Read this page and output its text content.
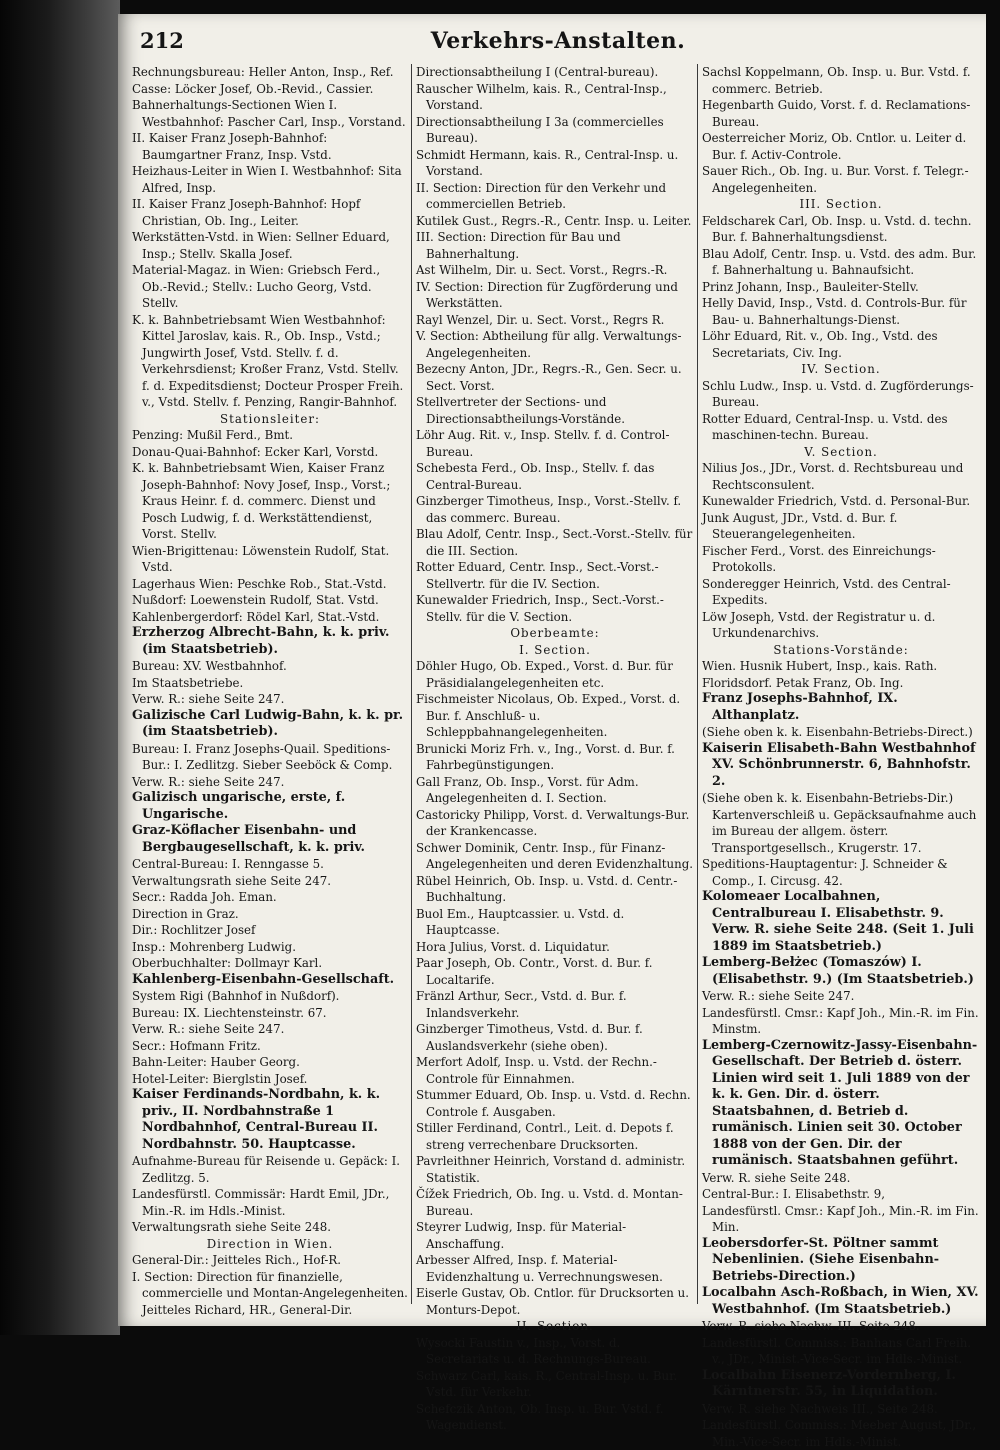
212	Verkehrs-Anstalten.

Rechnungsbureau: Heller Anton, Insp., Ref.

Casse: Löcker Josef, Ob.-Revid., Cassier.

Bahnerhaltungs-Sectionen Wien I. Westbahnhof: Pascher Carl, Insp., Vorstand.

II. Kaiser Franz Joseph-Bahnhof: Baumgartner Franz, Insp. Vstd.

Heizhaus-Leiter in Wien I. Westbahnhof: Sita Alfred, Insp.

II. Kaiser Franz Joseph-Bahnhof: Hopf Christian, Ob. Ing., Leiter.

Werkstätten-Vstd. in Wien: Sellner Eduard, Insp.; Stellv. Skalla Josef.

Material-Magaz. in Wien: Griebsch Ferd., Ob.-Revid.; Stellv.: Lucho Georg, Vstd. Stellv.

K. k. Bahnbetriebsamt Wien Westbahnhof: Kittel Jaroslav, kais. R., Ob. Insp., Vstd.; Jungwirth Josef, Vstd. Stellv. f. d. Verkehrsdienst; Kroßer Franz, Vstd. Stellv. f. d. Expeditsdienst; Docteur Prosper Freih. v., Vstd. Stellv. f. Penzing, Rangir-Bahnhof.

Stationsleiter:

Penzing: Mußil Ferd., Bmt.

Donau-Quai-Bahnhof: Ecker Karl, Vorstd.

K. k. Bahnbetriebsamt Wien, Kaiser Franz Joseph-Bahnhof: Novy Josef, Insp., Vorst.; Kraus Heinr. f. d. commerc. Dienst und Posch Ludwig, f. d. Werkstättendienst, Vorst. Stellv.

Wien-Brigittenau: Löwenstein Rudolf, Stat. Vstd.

Lagerhaus Wien: Peschke Rob., Stat.-Vstd.

Nußdorf: Loewenstein Rudolf, Stat. Vstd.

Kahlenbergerdorf: Rödel Karl, Stat.-Vstd.

Erzherzog Albrecht-Bahn, k. k. priv. (im Staatsbetrieb).

Bureau: XV. Westbahnhof.

Im Staatsbetriebe.

Verw. R.: siehe Seite 247.

Galizische Carl Ludwig-Bahn, k. k. pr. (im Staatsbetrieb).

Bureau: I. Franz Josephs-Quail. Speditions-Bur.: I. Zedlitzg. Sieber Seeböck & Comp.

Verw. R.: siehe Seite 247.

Galizisch ungarische, erste, f. Ungarische.

Graz-Köflacher Eisenbahn- und Bergbaugesellschaft, k. k. priv.

Central-Bureau: I. Renngasse 5.

Verwaltungsrath siehe Seite 247.

Secr.: Radda Joh. Eman.

Direction in Graz.

Dir.: Rochlitzer Josef

Insp.: Mohrenberg Ludwig.

Oberbuchhalter: Dollmayr Karl.

Kahlenberg-Eisenbahn-Gesellschaft.

System Rigi (Bahnhof in Nußdorf).

Bureau: IX. Liechtensteinstr. 67.

Verw. R.: siehe Seite 247.

Secr.: Hofmann Fritz.

Bahn-Leiter: Hauber Georg.

Hotel-Leiter: Bierglstin Josef.

Kaiser Ferdinands-Nordbahn, k. k. priv., II. Nordbahnstraße 1 Nordbahnhof, Central-Bureau II. Nordbahnstr. 50. Hauptcasse.

Aufnahme-Bureau für Reisende u. Gepäck: I. Zedlitzg. 5.

Landesfürstl. Commissär: Hardt Emil, JDr., Min.-R. im Hdls.-Minist.

Verwaltungsrath siehe Seite 248.

Direction in Wien.

General-Dir.: Jeitteles Rich., Hof-R.

I. Section: Direction für finanzielle, commercielle und Montan-Angelegenheiten. Jeitteles Richard, HR., General-Dir.

Directionsabtheilung I (Central-bureau).

Rauscher Wilhelm, kais. R., Central-Insp., Vorstand.

Directionsabtheilung I 3a (commercielles Bureau).

Schmidt Hermann, kais. R., Central-Insp. u. Vorstand.

II. Section: Direction für den Verkehr und commerciellen Betrieb.

Kutilek Gust., Regrs.-R., Centr. Insp. u. Leiter.

III. Section: Direction für Bau und Bahnerhaltung.

Ast Wilhelm, Dir. u. Sect. Vorst., Regrs.-R.

IV. Section: Direction für Zugförderung und Werkstätten.

Rayl Wenzel, Dir. u. Sect. Vorst., Regrs R.

V. Section: Abtheilung für allg. Verwaltungs-Angelegenheiten.

Bezecny Anton, JDr., Regrs.-R., Gen. Secr. u. Sect. Vorst.

Stellvertreter der Sections- und Directionsabtheilungs-Vorstände.

Löhr Aug. Rit. v., Insp. Stellv. f. d. Control-Bureau.

Schebesta Ferd., Ob. Insp., Stellv. f. das Central-Bureau.

Ginzberger Timotheus, Insp., Vorst.-Stellv. f. das commerc. Bureau.

Blau Adolf, Centr. Insp., Sect.-Vorst.-Stellv. für die III. Section.

Rotter Eduard, Centr. Insp., Sect.-Vorst.-Stellvertr. für die IV. Section.

Kunewalder Friedrich, Insp., Sect.-Vorst.-Stellv. für die V. Section.

Oberbeamte:

I. Section.

Döhler Hugo, Ob. Exped., Vorst. d. Bur. für Präsidialangelegenheiten etc.

Fischmeister Nicolaus, Ob. Exped., Vorst. d. Bur. f. Anschluß- u. Schleppbahnangelegenheiten.

Brunicki Moriz Frh. v., Ing., Vorst. d. Bur. f. Fahrbegünstigungen.

Gall Franz, Ob. Insp., Vorst. für Adm. Angelegenheiten d. I. Section.

Castoricky Philipp, Vorst. d. Verwaltungs-Bur. der Krankencasse.

Schwer Dominik, Centr. Insp., für Finanz-Angelegenheiten und deren Evidenzhaltung.

Rübel Heinrich, Ob. Insp. u. Vstd. d. Centr.-Buchhaltung.

Buol Em., Hauptcassier. u. Vstd. d. Hauptcasse.

Hora Julius, Vorst. d. Liquidatur.

Paar Joseph, Ob. Contr., Vorst. d. Bur. f. Localtarife.

Fränzl Arthur, Secr., Vstd. d. Bur. f. Inlandsverkehr.

Ginzberger Timotheus, Vstd. d. Bur. f. Auslandsverkehr (siehe oben).

Merfort Adolf, Insp. u. Vstd. der Rechn.-Controle für Einnahmen.

Stummer Eduard, Ob. Insp. u. Vstd. d. Rechn. Controle f. Ausgaben.

Stiller Ferdinand, Contrl., Leit. d. Depots f. streng verrechenbare Drucksorten.

Pavrleithner Heinrich, Vorstand d. administr. Statistik.

Čížek Friedrich, Ob. Ing. u. Vstd. d. Montan-Bureau.

Steyrer Ludwig, Insp. für Material-Anschaffung.

Arbesser Alfred, Insp. f. Material-Evidenzhaltung u. Verrechnungswesen.

Eiserle Gustav, Ob. Cntlor. für Drucksorten u. Monturs-Depot.

II. Section.

Wysocki Faustin v., Insp., Vorst. d. Secretariats u. d. Rechnungs-Bureau.

Schwarz Carl, kais. R., Central-Insp. u. Bur. Vstd. für Verkehr.

Schefczik Anton, Ob. Insp. u. Bur. Vstd. f. Wagendienst.

Sachsl Koppelmann, Ob. Insp. u. Bur. Vstd. f. commerc. Betrieb.

Hegenbarth Guido, Vorst. f. d. Reclamations-Bureau.

Oesterreicher Moriz, Ob. Cntlor. u. Leiter d. Bur. f. Activ-Controle.

Sauer Rich., Ob. Ing. u. Bur. Vorst. f. Telegr.-Angelegenheiten.

III. Section.

Feldscharek Carl, Ob. Insp. u. Vstd. d. techn. Bur. f. Bahnerhaltungsdienst.

Blau Adolf, Centr. Insp. u. Vstd. des adm. Bur. f. Bahnerhaltung u. Bahnaufsicht.

Prinz Johann, Insp., Bauleiter-Stellv.

Helly David, Insp., Vstd. d. Controls-Bur. für Bau- u. Bahnerhaltungs-Dienst.

Löhr Eduard, Rit. v., Ob. Ing., Vstd. des Secretariats, Civ. Ing.

IV. Section.

Schlu Ludw., Insp. u. Vstd. d. Zugförderungs-Bureau.

Rotter Eduard, Central-Insp. u. Vstd. des maschinen-techn. Bureau.

V. Section.

Nilius Jos., JDr., Vorst. d. Rechtsbureau und Rechtsconsulent.

Kunewalder Friedrich, Vstd. d. Personal-Bur.

Junk August, JDr., Vstd. d. Bur. f. Steuerangelegenheiten.

Fischer Ferd., Vorst. des Einreichungs-Protokolls.

Sonderegger Heinrich, Vstd. des Central-Expedits.

Löw Joseph, Vstd. der Registratur u. d. Urkundenarchivs.

Stations-Vorstände:

Wien. Husnik Hubert, Insp., kais. Rath.

Floridsdorf. Petak Franz, Ob. Ing.

Franz Josephs-Bahnhof, IX. Althanplatz.

(Siehe oben k. k. Eisenbahn-Betriebs-Direct.)

Kaiserin Elisabeth-Bahn Westbahnhof XV. Schönbrunnerstr. 6, Bahnhofstr. 2.

(Siehe oben k. k. Eisenbahn-Betriebs-Dir.) Kartenverschleiß u. Gepäcksaufnahme auch im Bureau der allgem. österr. Transportgesellsch., Krugerstr. 17.

Speditions-Hauptagentur: J. Schneider & Comp., I. Circusg. 42.

Kolomeaer Localbahnen, Centralbureau I. Elisabethstr. 9. Verw. R. siehe Seite 248. (Seit 1. Juli 1889 im Staatsbetrieb.)

Lemberg-Bełżec (Tomaszów) I. (Elisabethstr. 9.) (Im Staatsbetrieb.)

Verw. R.: siehe Seite 247.

Landesfürstl. Cmsr.: Kapf Joh., Min.-R. im Fin. Minstm.

Lemberg-Czernowitz-Jassy-Eisenbahn-Gesellschaft. Der Betrieb d. österr. Linien wird seit 1. Juli 1889 von der k. k. Gen. Dir. d. österr. Staatsbahnen, d. Betrieb d. rumänisch. Linien seit 30. October 1888 von der Gen. Dir. der rumänisch. Staatsbahnen geführt.

Verw. R. siehe Seite 248.

Central-Bur.: I. Elisabethstr. 9,

Landesfürstl. Cmsr.: Kapf Joh., Min.-R. im Fin. Min.

Leobersdorfer-St. Pöltner sammt Nebenlinien. (Siehe Eisenbahn-Betriebs-Direction.)

Localbahn Asch-Roßbach, in Wien, XV. Westbahnhof. (Im Staatsbetrieb.)

Verw. R. siehe Nachw. III. Seite 248.

Landesfürstl. Commiss.: Banhans Carl Freih. v., JDr., Minist.-Vice-Secr. im Hdls.-Minist.

Localbahn Eisenerz-Vordernberg, I. Kärntnerstr. 55, in Liquidation.

Verw. R. siehe Nachweis III., Seite 248.

Landesfürstl. Commiss.: Meeber August, JDr., Min.-Vice-Secr. im Hdls.-Minist.
